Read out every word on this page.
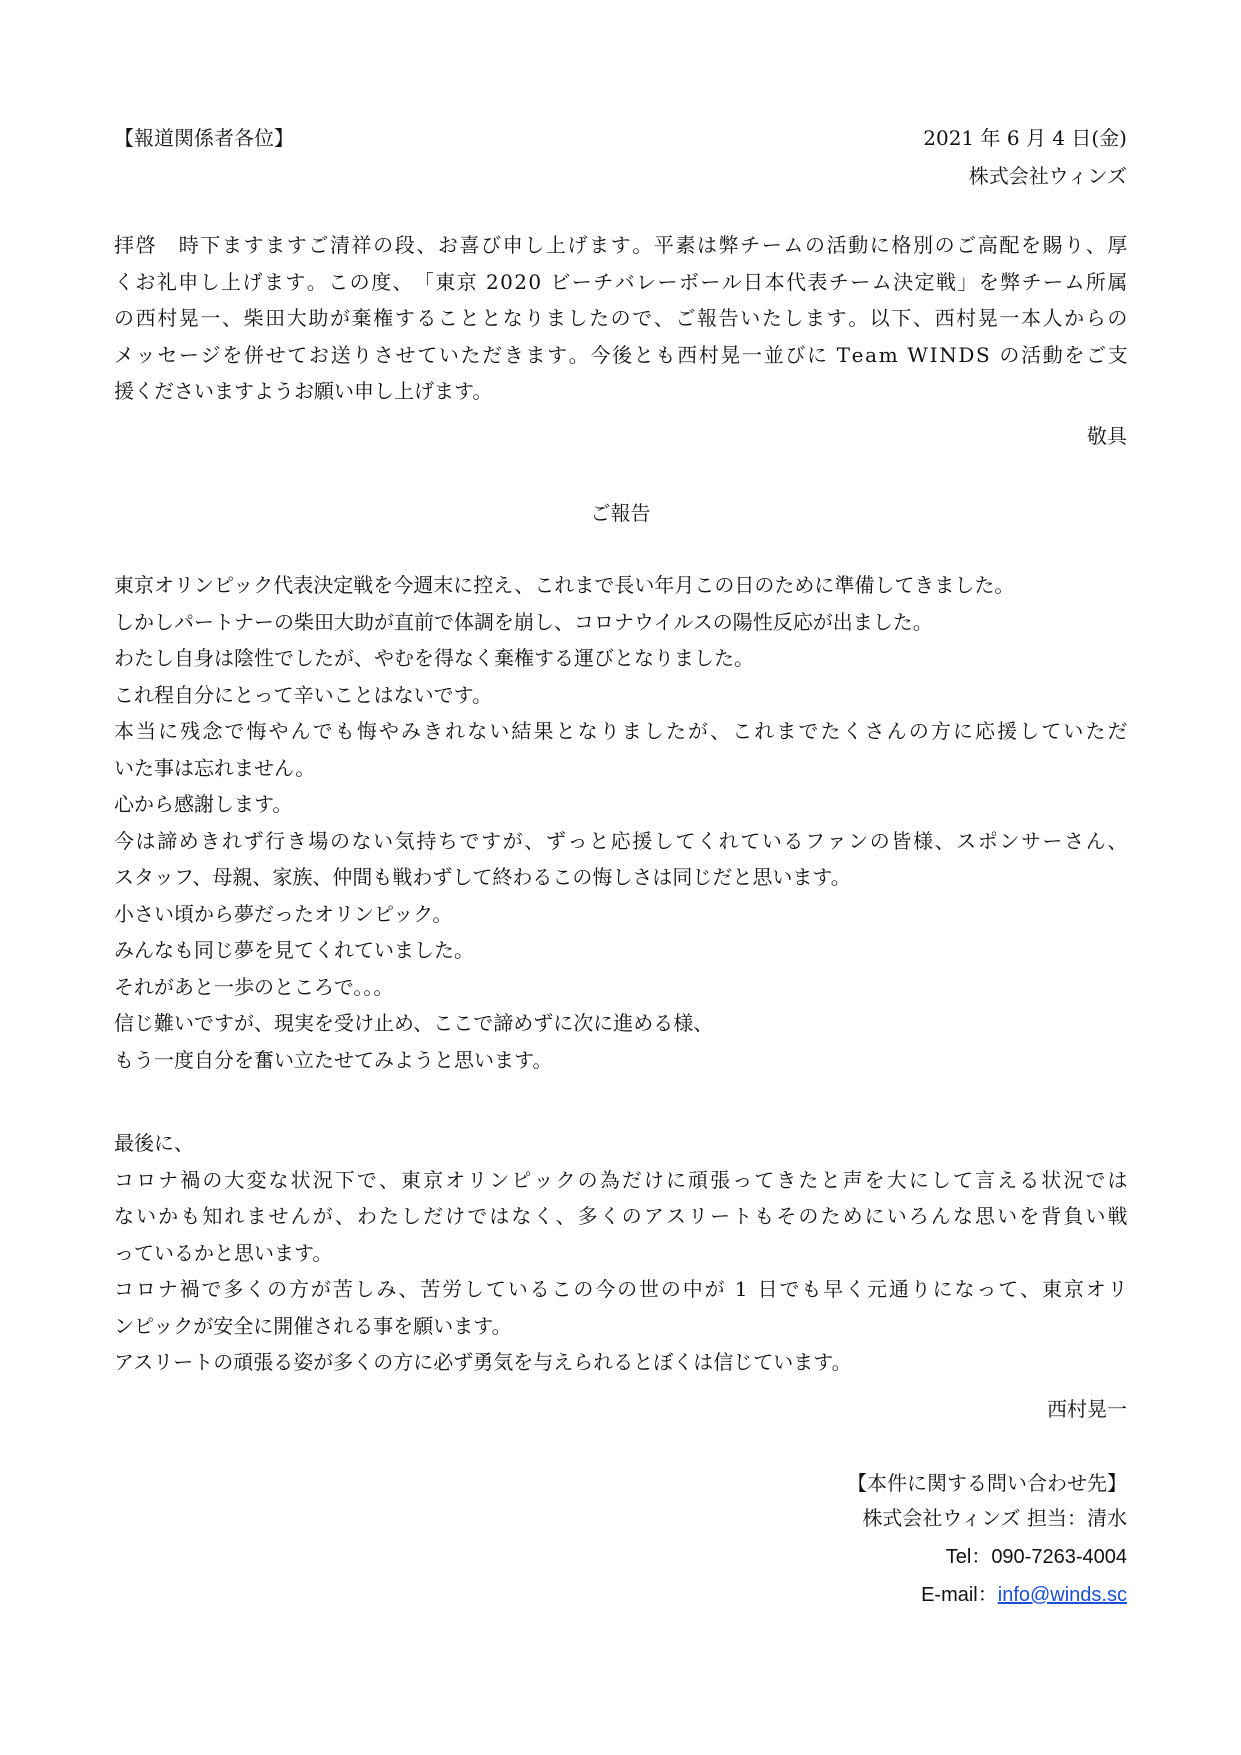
【報道関係者各位】	2021 年 6 月 4 日(金)
株式会社ウィンズ
拝 啓
　 時 下 ま す ま す ご 清 祥 の 段 、 お 喜 び 申 し 上 げ ま す 。 平 素 は 弊 チ ー ム の 活 動 に 格 別 の ご 高 配 を 賜 り 、 厚
く お 礼 申 し 上 げ ま す 。 こ の 度 、 「 東 京
2 0 2 0
ビ ー チ バ レ ー ボ ー ル 日 本 代 表 チ ー ム 決 定 戦 」 を 弊 チ ー ム 所 属
の 西 村 晃 一 、 柴 田 大 助 が 棄 権 す る こ と と な り ま し た の で 、 ご 報 告 い た し ま す 。 以 下 、 西 村 晃 一 本 人 か ら の
メ ッ セ ー ジ を 併 せ て お 送 り さ せ て い た だ き ま す 。 今 後 と も 西 村 晃 一 並 び に
T e a m
W I N D S
の 活 動 を ご 支
援くださいますようお願い申し上げます。
敬具
ご報告
東京オリンピック代表決定戦を今週末に控え、これまで長い年月この日のために準備してきました。
しかしパートナーの柴田大助が直前で体調を崩し、コロナウイルスの陽性反応が出ました。
わたし自身は陰性でしたが、やむを得なく棄権する運びとなりました。
これ程自分にとって辛いことはないです。
本 当 に 残 念 で 悔 や ん で も 悔 や み き れ な い 結 果 と な り ま し た が 、 こ れ ま で た く さ ん の 方 に 応 援 し て い た だ
いた事は忘れません。
心から感謝します。
今 は 諦 め き れ ず 行 き 場 の な い 気 持 ち で す が 、 ず っ と 応 援 し て く れ て い る フ ァ ン の 皆 様 、 ス ポ ン サ ー さ ん 、
スタッフ、母親、家族、仲間も戦わずして終わるこの悔しさは同じだと思います。
小さい頃から夢だったオリンピック。
みんなも同じ夢を見てくれていました。
それがあと一歩のところで。。。
信じ難いですが、現実を受け止め、ここで諦めずに次に進める様、
もう一度自分を奮い立たせてみようと思います。
最後に、
コ ロ ナ 禍 の 大 変 な 状 況 下 で 、 東 京 オ リ ン ピ ッ ク の 為 だ け に 頑 張 っ て き た と 声 を 大 に し て 言 え る 状 況 で は
な い か も 知 れ ま せ ん が 、 わ た し だ け で は な く 、 多 く の ア ス リ ー ト も そ の た め に い ろ ん な 思 い を 背 負 い 戦
っているかと思います。
コ ロ ナ 禍 で 多 く の 方 が 苦 し み 、 苦 労 し て い る こ の 今 の 世 の 中 が
1
日 で も 早 く 元 通 り に な っ て 、 東 京 オ リ
ンピックが安全に開催される事を願います。
アスリートの頑張る姿が多くの方に必ず勇気を与えられるとぼくは信じています。
西村晃一
【本件に関する問い合わせ先】
株式会社ウィンズ 担当：清水
Tel：090-7263-4004
E-mail：info@winds.sc
